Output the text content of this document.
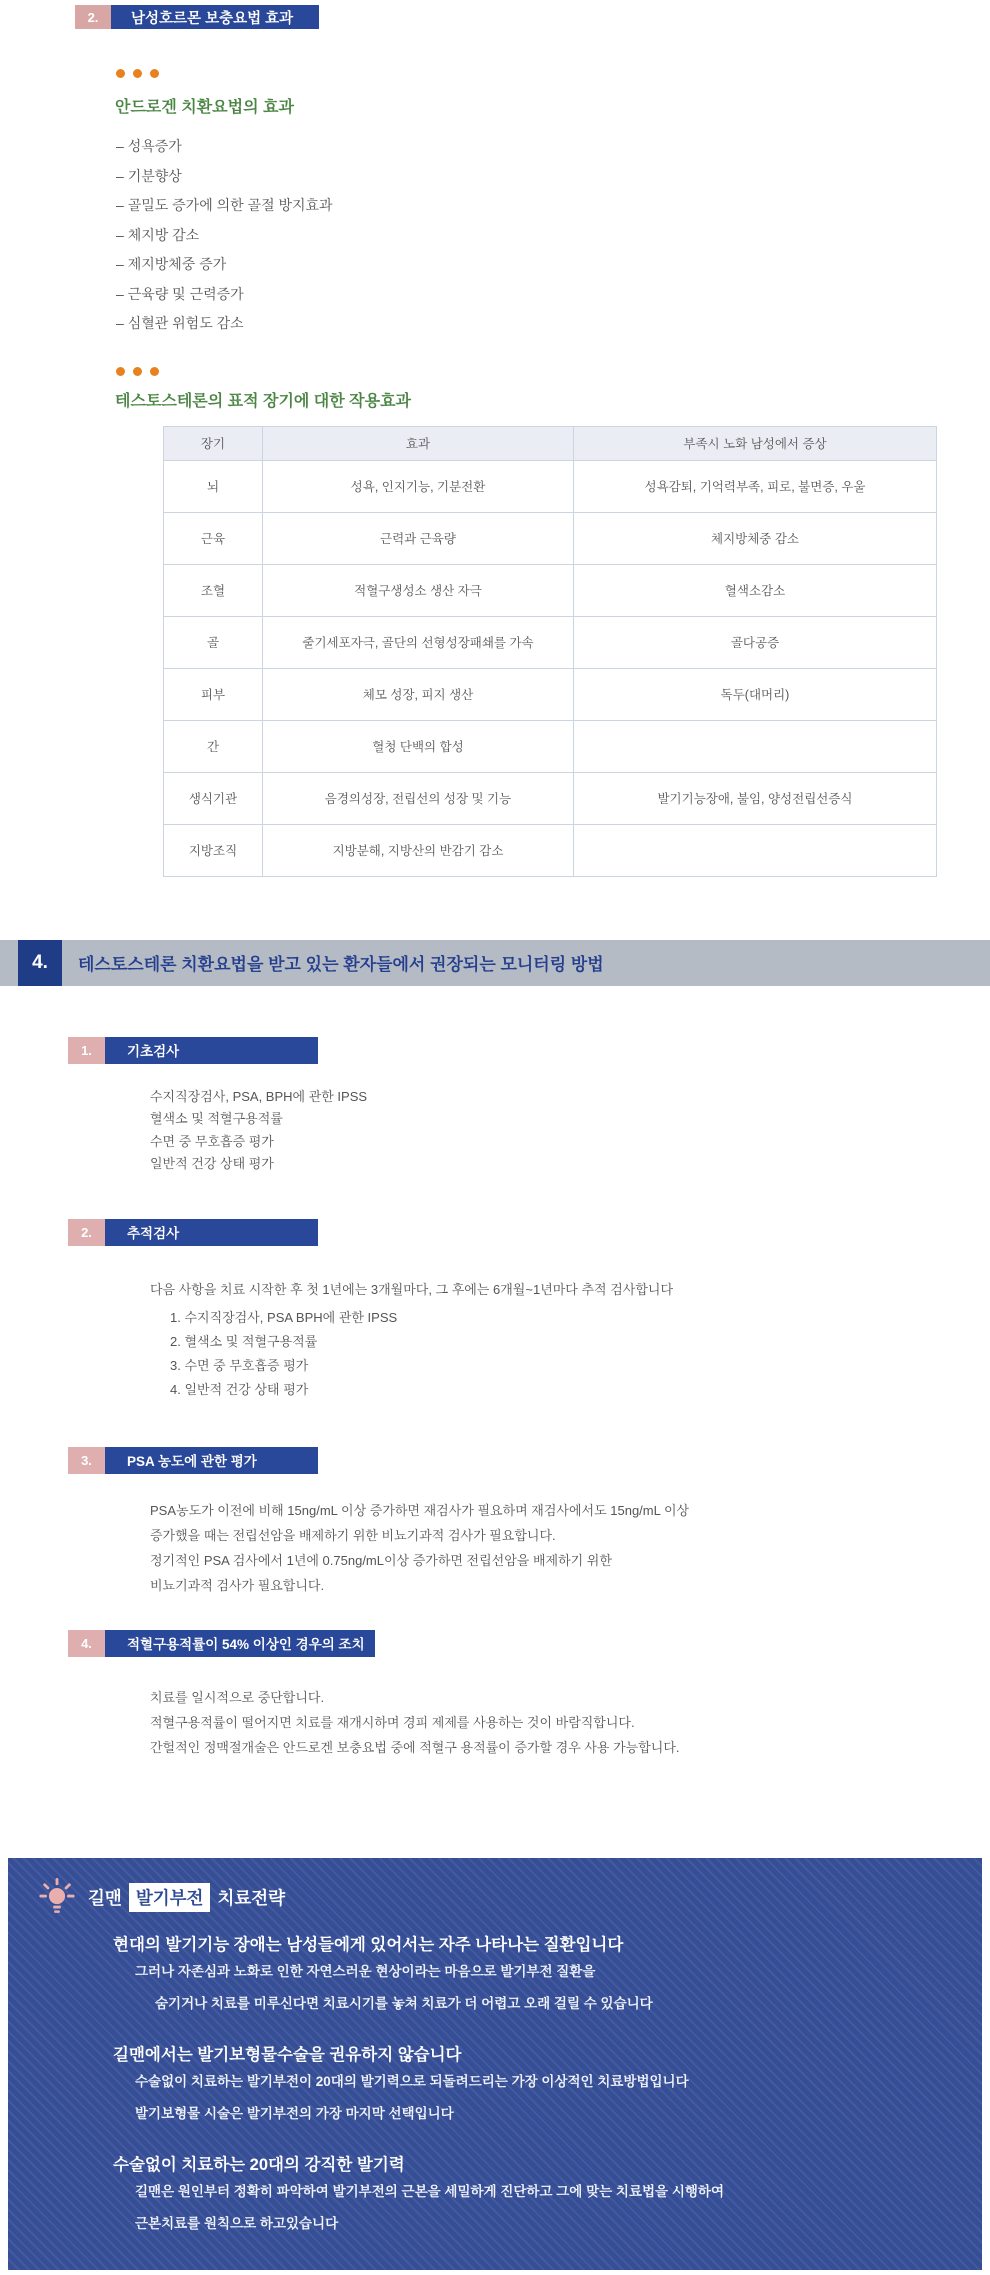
2.	남성호르몬 보충요법 효과
안드로겐 치환요법의 효과
– 성욕증가
– 기분향상
– 골밀도 증가에 의한 골절 방지효과
– 체지방 감소
– 제지방체중 증가
– 근육량 및 근력증가
– 심혈관 위험도 감소
테스토스테론의 표적 장기에 대한 작용효과
장기	효과	부족시 노화 남성에서 증상
뇌	성욕, 인지기능, 기분전환	성욕감퇴, 기억력부족, 피로, 불면증, 우울
근육	근력과 근육량	체지방체중 감소
조혈	적혈구생성소 생산 자극	혈색소감소
골	줄기세포자극, 골단의 선형성장패쇄를 가속	골다공증
피부	체모 성장, 피지 생산	독두(대머리)
간	혈청 단백의 합성	
생식기관	음경의성장, 전립선의 성장 및 기능	발기기능장애, 불임, 양성전립선증식
지방조직	지방분해, 지방산의 반감기 감소	
4.	테스토스테론 치환요법을 받고 있는 환자들에서 권장되는 모니터링 방법
1.	기초검사
수지직장검사, PSA, BPH에 관한 IPSS
혈색소 및 적혈구용적률
수면 중 무호흡증 평가
일반적 건강 상태 평가
2.	추적검사
다음 사항을 치료 시작한 후 첫 1년에는 3개월마다, 그 후에는 6개월~1년마다 추적 검사합니다
1. 수지직장검사, PSA BPH에 관한 IPSS
2. 혈색소 및 적혈구용적률
3. 수면 중 무호흡증 평가
4. 일반적 건강 상태 평가
3.	PSA 농도에 관한 평가
PSA농도가 이전에 비해 15ng/mL 이상 증가하면 재검사가 필요하며 재검사에서도 15ng/mL 이상
증가했을 때는 전립선암을 배제하기 위한 비뇨기과적 검사가 필요합니다.
정기적인 PSA 검사에서 1년에 0.75ng/mL이상 증가하면 전립선암을 배제하기 위한
비뇨기과적 검사가 필요합니다.
4.	적혈구용적률이 54% 이상인 경우의 조치
치료를 일시적으로 중단합니다.
적혈구용적률이 떨어지면 치료를 재개시하며 경피 제제를 사용하는 것이 바람직합니다.
간헐적인 정맥절개술은 안드로겐 보충요법 중에 적혈구 용적률이 증가할 경우 사용 가능합니다.
길맨 발기부전 치료전략
현대의 발기기능 장애는 남성들에게 있어서는 자주 나타나는 질환입니다
그러나 자존심과 노화로 인한 자연스러운 현상이라는 마음으로 발기부전 질환을
숨기거나 치료를 미루신다면 치료시기를 놓쳐 치료가 더 어렵고 오래 걸릴 수 있습니다
길맨에서는 발기보형물수술을 권유하지 않습니다
수술없이 치료하는 발기부전이 20대의 발기력으로 되돌려드리는 가장 이상적인 치료방법입니다
발기보형물 시술은 발기부전의 가장 마지막 선택입니다
수술없이 치료하는 20대의 강직한 발기력
길맨은 원인부터 정확히 파악하여 발기부전의 근본을 세밀하게 진단하고 그에 맞는 치료법을 시행하여
근본치료를 원칙으로 하고있습니다
